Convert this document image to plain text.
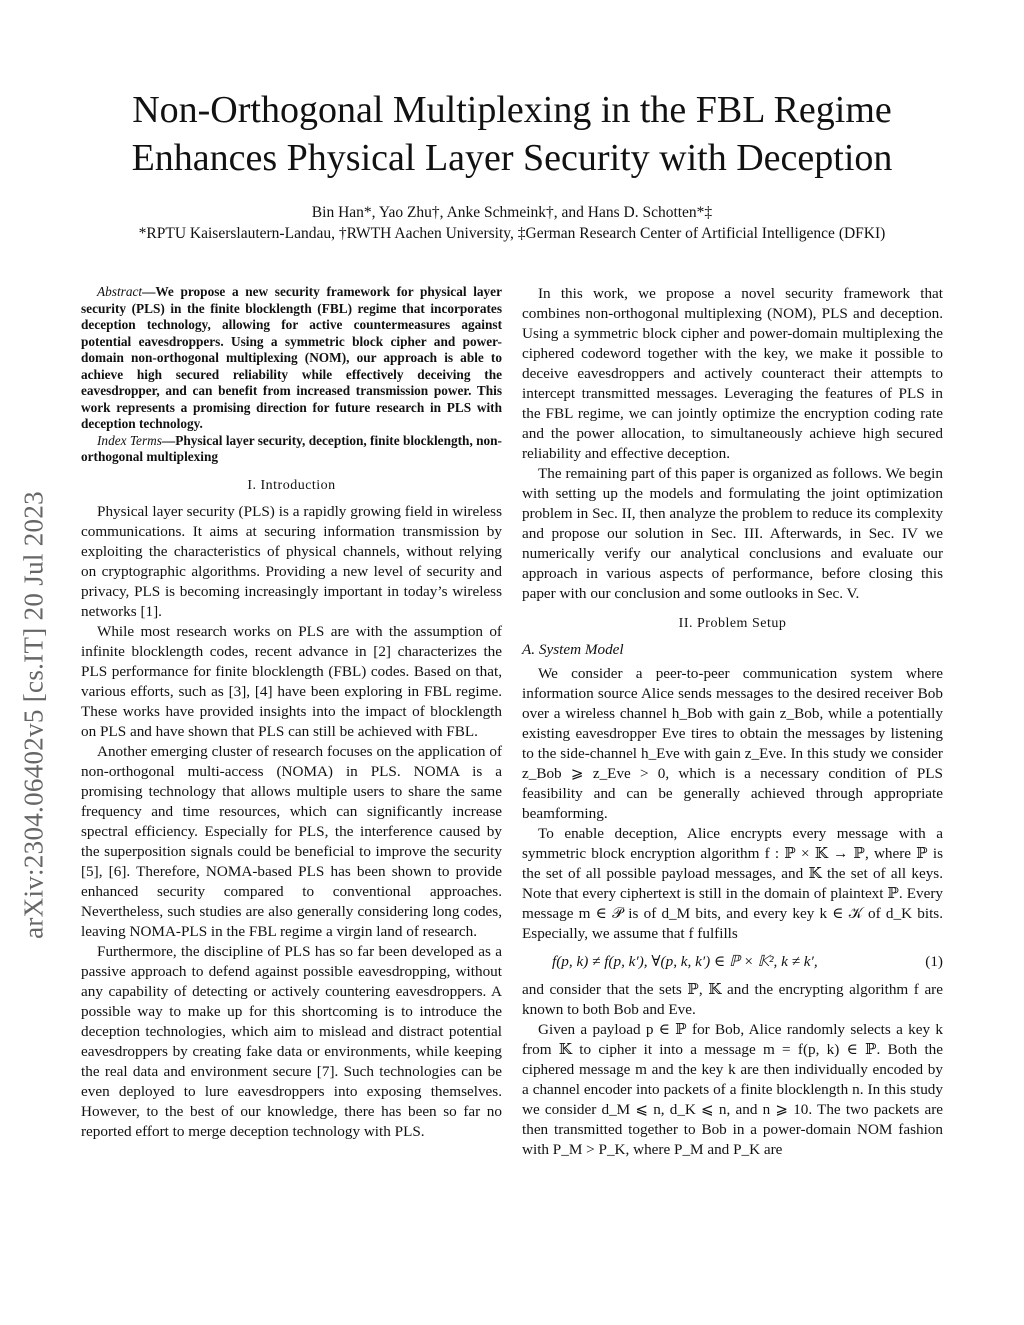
arXiv:2304.06402v5 [cs.IT] 20 Jul 2023
Non-Orthogonal Multiplexing in the FBL Regime
Enhances Physical Layer Security with Deception
Bin Han*, Yao Zhu†, Anke Schmeink†, and Hans D. Schotten*‡
*RPTU Kaiserslautern-Landau, †RWTH Aachen University, ‡German Research Center of Artificial Intelligence (DFKI)

Abstract—We propose a new security framework for physical layer security (PLS) in the finite blocklength (FBL) regime that incorporates deception technology, allowing for active countermeasures against potential eavesdroppers. Using a symmetric block cipher and power-domain non-orthogonal multiplexing (NOM), our approach is able to achieve high secured reliability while effectively deceiving the eavesdropper, and can benefit from increased transmission power. This work represents a promising direction for future research in PLS with deception technology.

Index Terms—Physical layer security, deception, finite blocklength, non-orthogonal multiplexing

I. Introduction

Physical layer security (PLS) is a rapidly growing field in wireless communications. It aims at securing information transmission by exploiting the characteristics of physical channels, without relying on cryptographic algorithms. Providing a new level of security and privacy, PLS is becoming increasingly important in today’s wireless networks [1].

While most research works on PLS are with the assumption of infinite blocklength codes, recent advance in [2] characterizes the PLS performance for finite blocklength (FBL) codes. Based on that, various efforts, such as [3], [4] have been exploring in FBL regime. These works have provided insights into the impact of blocklength on PLS and have shown that PLS can still be achieved with FBL.

Another emerging cluster of research focuses on the application of non-orthogonal multi-access (NOMA) in PLS. NOMA is a promising technology that allows multiple users to share the same frequency and time resources, which can significantly increase spectral efficiency. Especially for PLS, the interference caused by the superposition signals could be beneficial to improve the security [5], [6]. Therefore, NOMA-based PLS has been shown to provide enhanced security compared to conventional approaches. Nevertheless, such studies are also generally considering long codes, leaving NOMA-PLS in the FBL regime a virgin land of research.

Furthermore, the discipline of PLS has so far been developed as a passive approach to defend against possible eavesdropping, without any capability of detecting or actively countering eavesdroppers. A possible way to make up for this shortcoming is to introduce the deception technologies, which aim to mislead and distract potential eavesdroppers by creating fake data or environments, while keeping the real data and environment secure [7]. Such technologies can be even deployed to lure eavesdroppers into exposing themselves. However, to the best of our knowledge, there has been so far no reported effort to merge deception technology with PLS.

In this work, we propose a novel security framework that combines non-orthogonal multiplexing (NOM), PLS and deception. Using a symmetric block cipher and power-domain multiplexing the ciphered codeword together with the key, we make it possible to deceive eavesdroppers and actively counteract their attempts to intercept transmitted messages. Leveraging the features of PLS in the FBL regime, we can jointly optimize the encryption coding rate and the power allocation, to simultaneously achieve high secured reliability and effective deception.

The remaining part of this paper is organized as follows. We begin with setting up the models and formulating the joint optimization problem in Sec. II, then analyze the problem to reduce its complexity and propose our solution in Sec. III. Afterwards, in Sec. IV we numerically verify our analytical conclusions and evaluate our approach in various aspects of performance, before closing this paper with our conclusion and some outlooks in Sec. V.

II. Problem Setup
A. System Model

We consider a peer-to-peer communication system where information source Alice sends messages to the desired receiver Bob over a wireless channel h_Bob with gain z_Bob, while a potentially existing eavesdropper Eve tires to obtain the messages by listening to the side-channel h_Eve with gain z_Eve. In this study we consider z_Bob ⩾ z_Eve > 0, which is a necessary condition of PLS feasibility and can be generally achieved through appropriate beamforming.

To enable deception, Alice encrypts every message with a symmetric block encryption algorithm f : ℙ × 𝕂 → ℙ, where ℙ is the set of all possible payload messages, and 𝕂 the set of all keys. Note that every ciphertext is still in the domain of plaintext ℙ. Every message m ∈ 𝒫 is of d_M bits, and every key k ∈ 𝒦 of d_K bits. Especially, we assume that f fulfills

f(p, k) ≠ f(p, k′), ∀(p, k, k′) ∈ ℙ × 𝕂², k ≠ k′,	(1)

and consider that the sets ℙ, 𝕂 and the encrypting algorithm f are known to both Bob and Eve.

Given a payload p ∈ ℙ for Bob, Alice randomly selects a key k from 𝕂 to cipher it into a message m = f(p, k) ∈ ℙ. Both the ciphered message m and the key k are then individually encoded by a channel encoder into packets of a finite blocklength n. In this study we consider d_M ⩽ n, d_K ⩽ n, and n ⩾ 10. The two packets are then transmitted together to Bob in a power-domain NOM fashion with P_M > P_K, where P_M and P_K are
